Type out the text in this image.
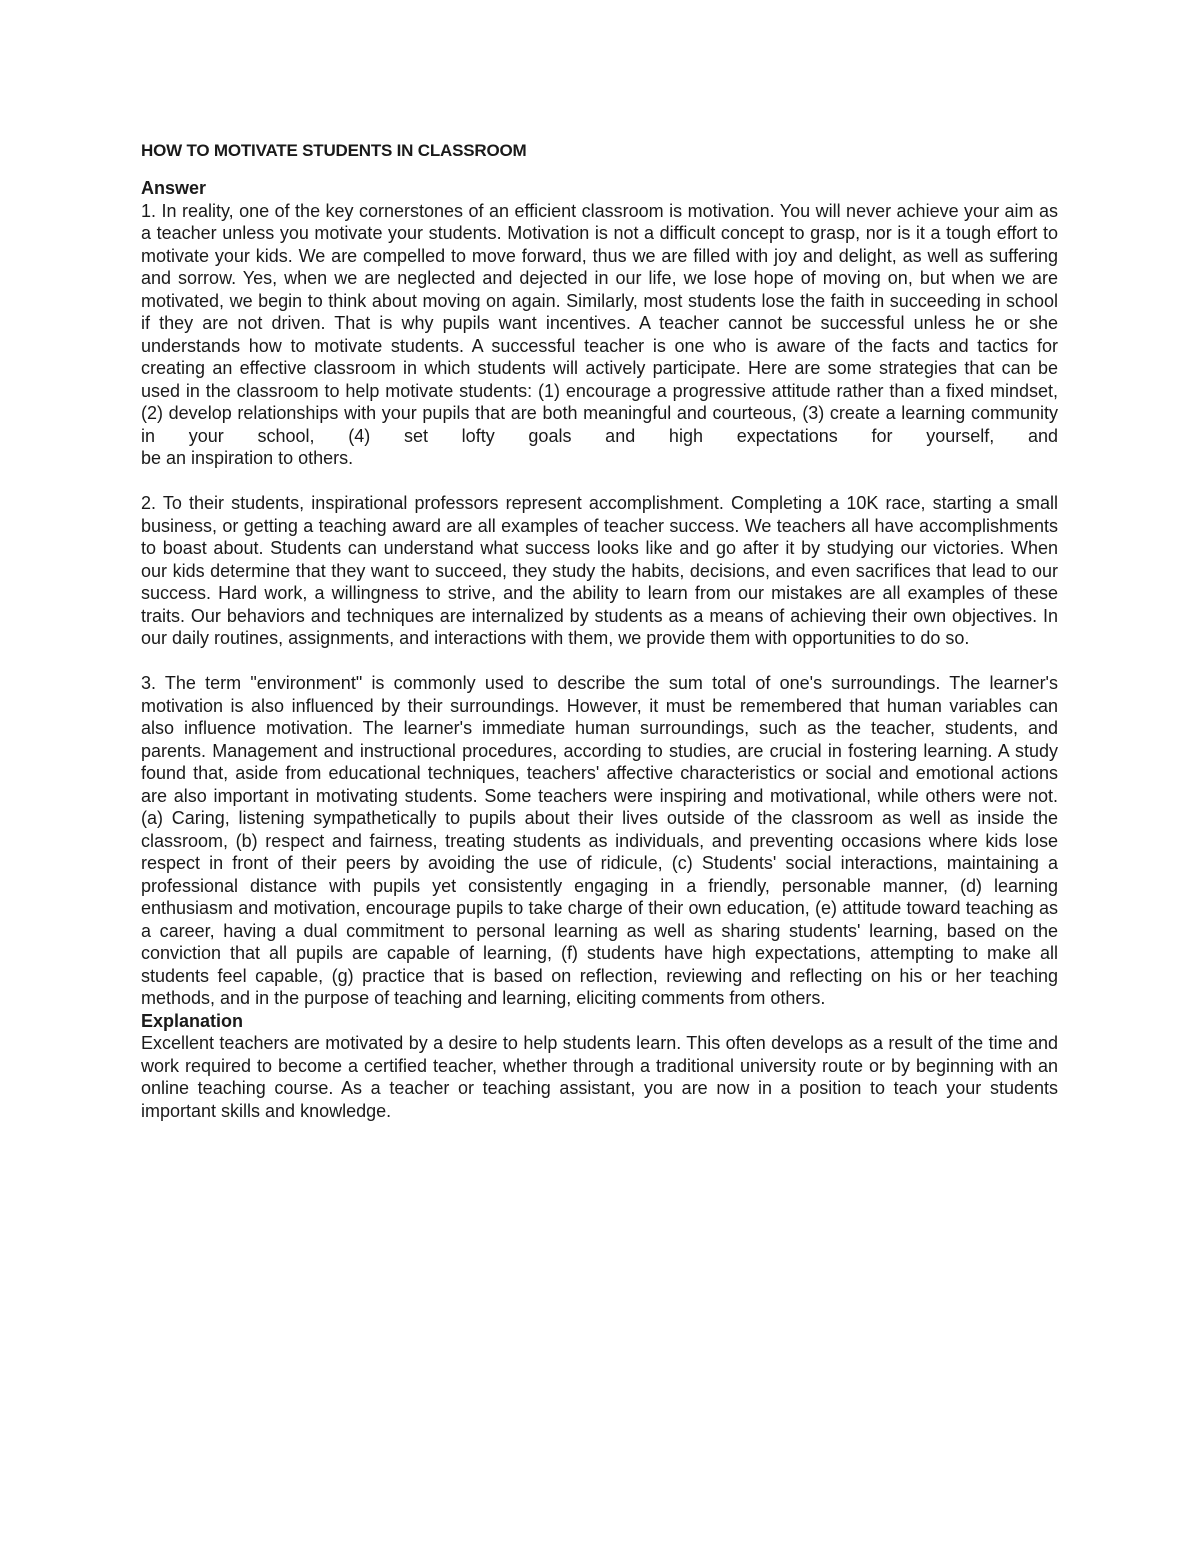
HOW TO MOTIVATE STUDENTS IN CLASSROOM
Answer

1. In reality, one of the key cornerstones of an efficient classroom is motivation. You will never achieve your aim as a teacher unless you motivate your students. Motivation is not a difficult concept to grasp, nor is it a tough effort to motivate your kids. We are compelled to move forward, thus we are filled with joy and delight, as well as suffering and sorrow. Yes, when we are neglected and dejected in our life, we lose hope of moving on, but when we are motivated, we begin to think about moving on again. Similarly, most students lose the faith in succeeding in school if they are not driven. That is why pupils want incentives. A teacher cannot be successful unless he or she understands how to motivate students. A successful teacher is one who is aware of the facts and tactics for creating an effective classroom in which students will actively participate. Here are some strategies that can be used in the classroom to help motivate students: (1) encourage a progressive attitude rather than a fixed mindset, (2) develop relationships with your pupils that are both meaningful and courteous, (3) create a learning community in your school, (4) set lofty goals and high expectations for yourself, and

be an inspiration to others.

2. To their students, inspirational professors represent accomplishment. Completing a 10K race, starting a small business, or getting a teaching award are all examples of teacher success. We teachers all have accomplishments to boast about. Students can understand what success looks like and go after it by studying our victories. When our kids determine that they want to succeed, they study the habits, decisions, and even sacrifices that lead to our success. Hard work, a willingness to strive, and the ability to learn from our mistakes are all examples of these traits. Our behaviors and techniques are internalized by students as a means of achieving their own objectives. In our daily routines, assignments, and interactions with them, we provide them with opportunities to do so.

3. The term "environment" is commonly used to describe the sum total of one's surroundings. The learner's motivation is also influenced by their surroundings. However, it must be remembered that human variables can also influence motivation. The learner's immediate human surroundings, such as the teacher, students, and parents. Management and instructional procedures, according to studies, are crucial in fostering learning. A study found that, aside from educational techniques, teachers' affective characteristics or social and emotional actions are also important in motivating students. Some teachers were inspiring and motivational, while others were not. (a) Caring, listening sympathetically to pupils about their lives outside of the classroom as well as inside the classroom, (b) respect and fairness, treating students as individuals, and preventing occasions where kids lose respect in front of their peers by avoiding the use of ridicule, (c) Students' social interactions, maintaining a professional distance with pupils yet consistently engaging in a friendly, personable manner, (d) learning enthusiasm and motivation, encourage pupils to take charge of their own education, (e) attitude toward teaching as a career, having a dual commitment to personal learning as well as sharing students' learning, based on the conviction that all pupils are capable of learning, (f) students have high expectations, attempting to make all students feel capable, (g) practice that is based on reflection, reviewing and reflecting on his or her teaching methods, and in the purpose of teaching and learning, eliciting comments from others.

Explanation

Excellent teachers are motivated by a desire to help students learn. This often develops as a result of the time and work required to become a certified teacher, whether through a traditional university route or by beginning with an online teaching course. As a teacher or teaching assistant, you are now in a position to teach your students important skills and knowledge.
